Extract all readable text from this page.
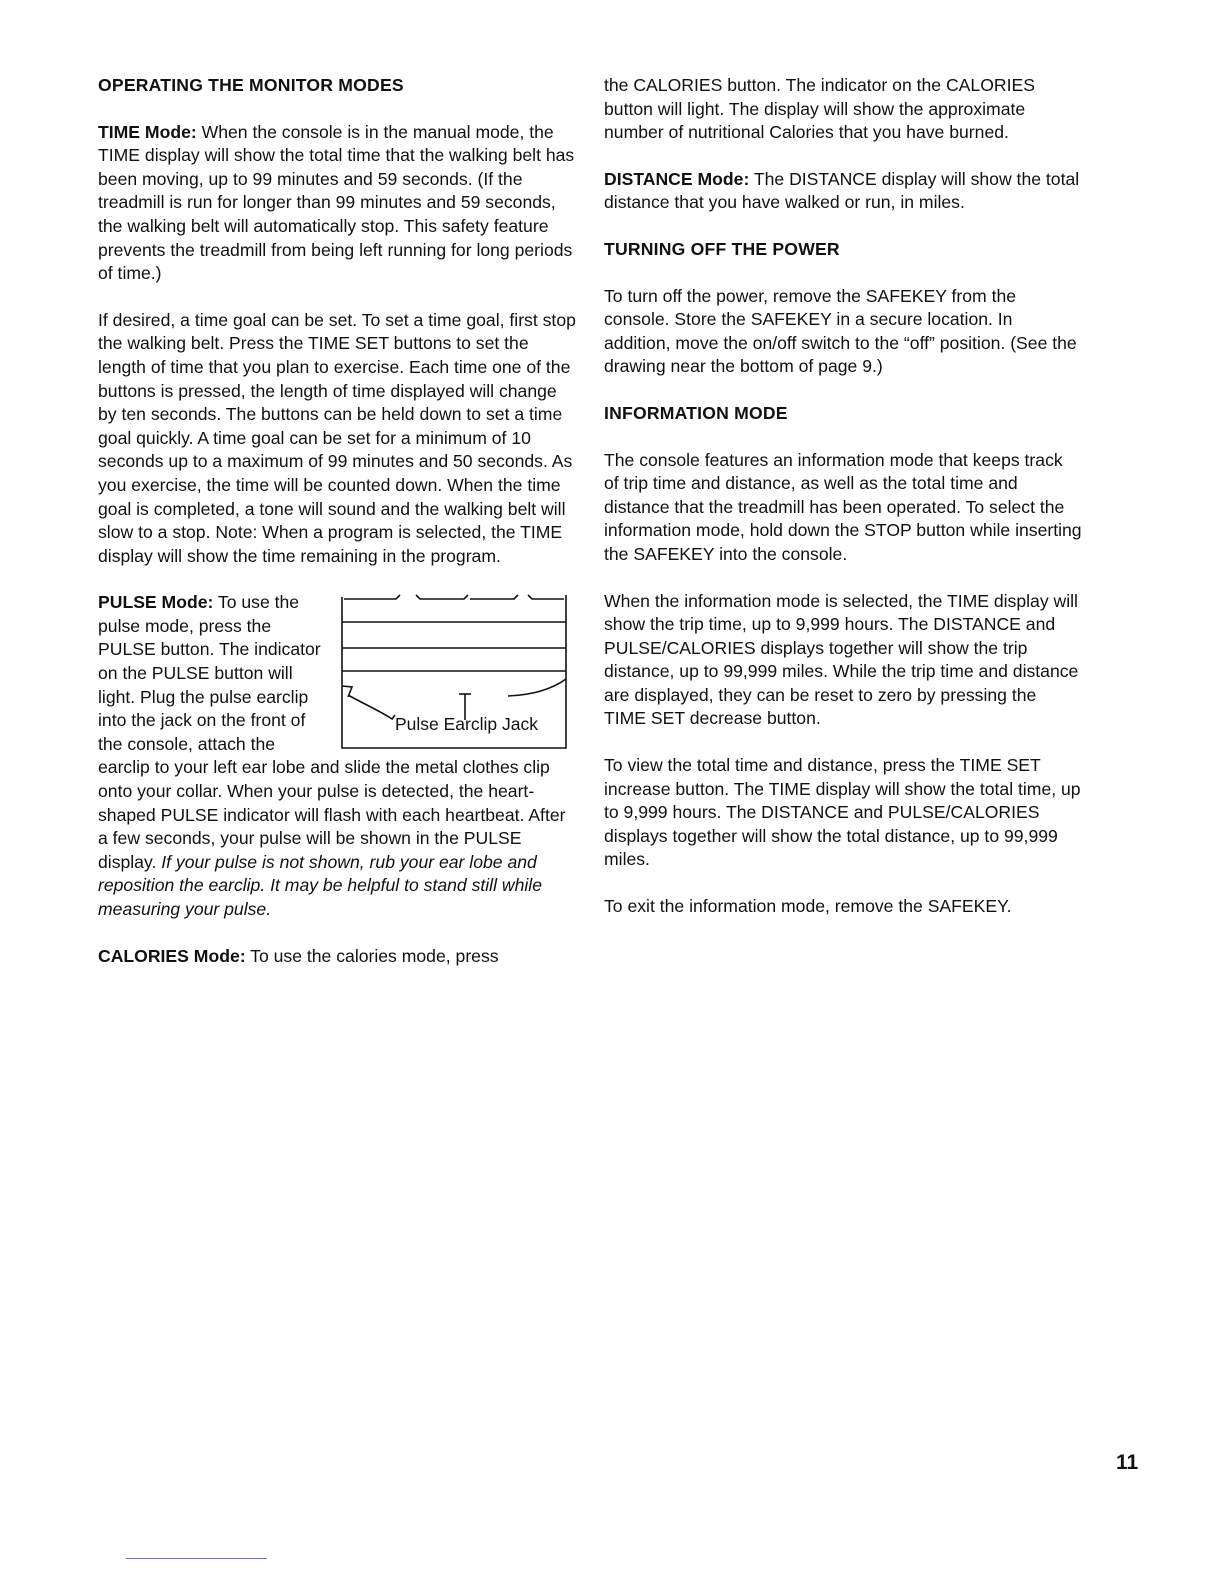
OPERATING THE MONITOR MODES

TIME Mode: When the console is in the manual mode, the TIME display will show the total time that the walking belt has been moving, up to 99 minutes and 59 seconds. (If the treadmill is run for longer than 99 minutes and 59 seconds, the walking belt will automatically stop. This safety feature prevents the treadmill from being left running for long periods of time.)

If desired, a time goal can be set. To set a time goal, first stop the walking belt. Press the TIME SET buttons to set the length of time that you plan to exercise. Each time one of the buttons is pressed, the length of time displayed will change by ten seconds. The buttons can be held down to set a time goal quickly. A time goal can be set for a minimum of 10 seconds up to a maximum of 99 minutes and 50 seconds. As you exercise, the time will be counted down. When the time goal is completed, a tone will sound and the walking belt will slow to a stop. Note: When a program is selected, the TIME display will show the time remaining in the program.

Pulse Earclip Jack
PULSE Mode: To use the pulse mode, press the PULSE button. The indicator on the PULSE button will light. Plug the pulse earclip into the jack on the front of the console, attach the earclip to your left ear lobe and slide the metal clothes clip onto your collar. When your pulse is detected, the heart-shaped PULSE indicator will flash with each heartbeat. After a few seconds, your pulse will be shown in the PULSE display. If your pulse is not shown, rub your ear lobe and reposition the earclip. It may be helpful to stand still while measuring your pulse.

CALORIES Mode: To use the calories mode, press

the CALORIES button. The indicator on the CALORIES button will light. The display will show the approximate number of nutritional Calories that you have burned.

DISTANCE Mode: The DISTANCE display will show the total distance that you have walked or run, in miles.

TURNING OFF THE POWER

To turn off the power, remove the SAFEKEY from the console. Store the SAFEKEY in a secure location. In addition, move the on/off switch to the “off” position. (See the drawing near the bottom of page 9.)

INFORMATION MODE

The console features an information mode that keeps track of trip time and distance, as well as the total time and distance that the treadmill has been operated. To select the information mode, hold down the STOP button while inserting the SAFEKEY into the console.

When the information mode is selected, the TIME display will show the trip time, up to 9,999 hours. The DISTANCE and PULSE/CALORIES displays together will show the trip distance, up to 99,999 miles. While the trip time and distance are displayed, they can be reset to zero by pressing the TIME SET decrease button.

To view the total time and distance, press the TIME SET increase button. The TIME display will show the total time, up to 9,999 hours. The DISTANCE and PULSE/CALORIES displays together will show the total distance, up to 99,999 miles.

To exit the information mode, remove the SAFEKEY.

11
